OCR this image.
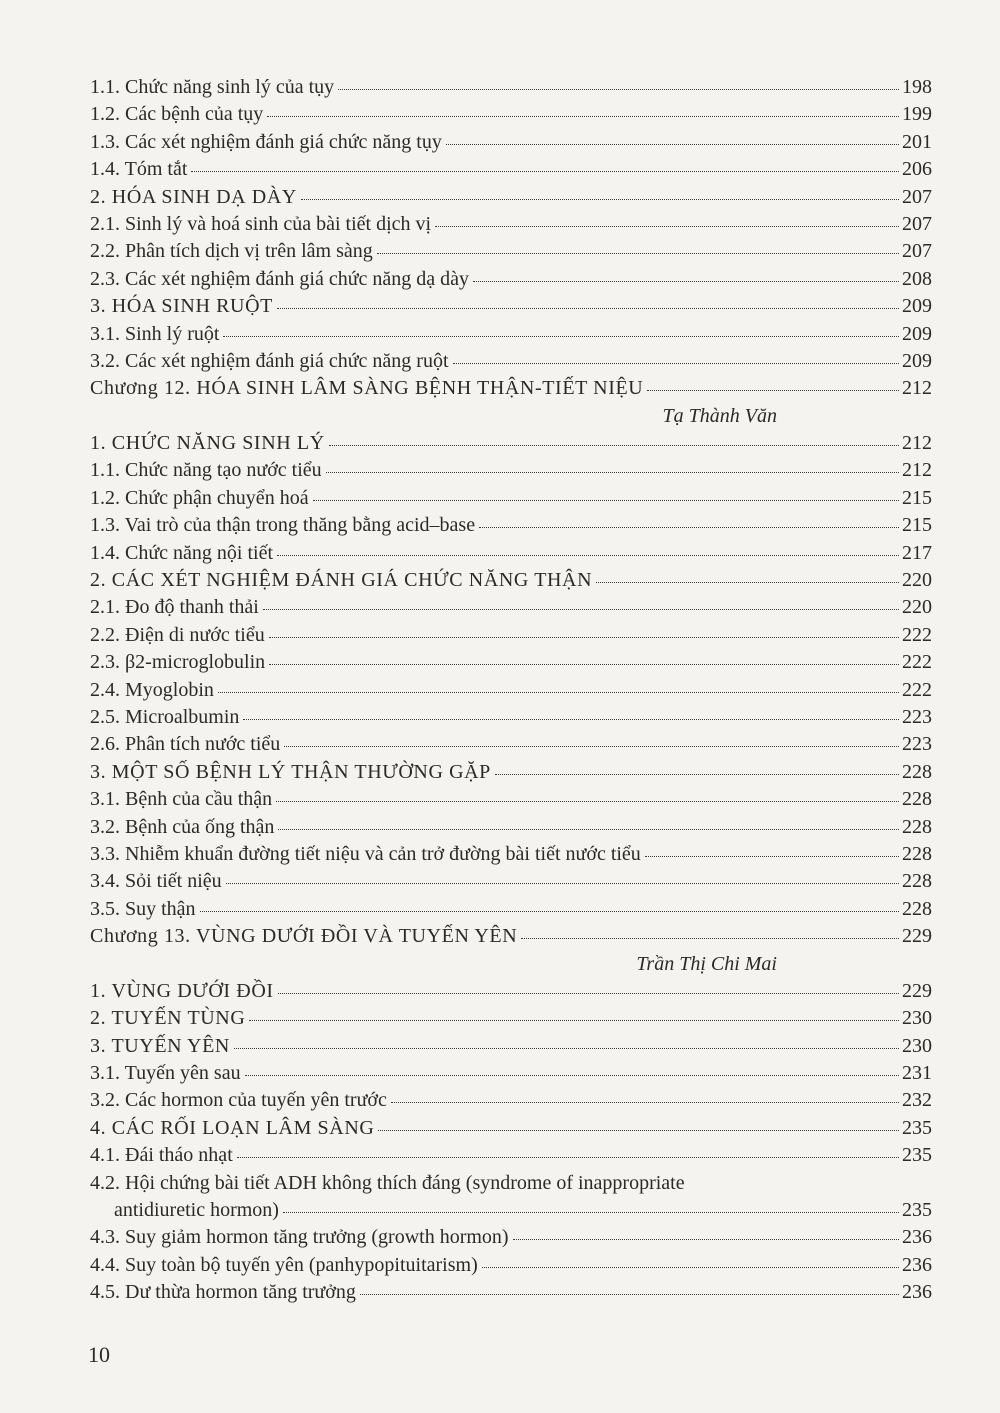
1.1. Chức năng sinh lý của tụy	198
1.2. Các bệnh của tụy	199
1.3. Các xét nghiệm đánh giá chức năng tụy	201
1.4. Tóm tắt	206
2. HÓA SINH DẠ DÀY	207
2.1. Sinh lý và hoá sinh của bài tiết dịch vị	207
2.2. Phân tích dịch vị trên lâm sàng	207
2.3. Các xét nghiệm đánh giá chức năng dạ dày	208
3. HÓA SINH RUỘT	209
3.1. Sinh lý ruột	209
3.2. Các xét nghiệm đánh giá chức năng ruột	209
Chương 12. HÓA SINH LÂM SÀNG BỆNH THẬN-TIẾT NIỆU	212
Tạ Thành Văn
1. CHỨC NĂNG SINH LÝ	212
1.1. Chức năng tạo nước tiểu	212
1.2. Chức phận chuyển hoá	215
1.3. Vai trò của thận trong thăng bằng acid–base	215
1.4. Chức năng nội tiết	217
2. CÁC XÉT NGHIỆM ĐÁNH GIÁ CHỨC NĂNG THẬN	220
2.1. Đo độ thanh thải	220
2.2. Điện di nước tiểu	222
2.3. β2-microglobulin	222
2.4. Myoglobin	222
2.5. Microalbumin	223
2.6. Phân tích nước tiểu	223
3. MỘT SỐ BỆNH LÝ THẬN THƯỜNG GẶP	228
3.1. Bệnh của cầu thận	228
3.2. Bệnh của ống thận	228
3.3. Nhiễm khuẩn đường tiết niệu và cản trở đường bài tiết nước tiểu	228
3.4. Sỏi tiết niệu	228
3.5. Suy thận	228
Chương 13. VÙNG DƯỚI ĐỒI VÀ TUYẾN YÊN	229
Trần Thị Chi Mai
1. VÙNG DƯỚI ĐỒI	229
2. TUYẾN TÙNG	230
3. TUYẾN YÊN	230
3.1. Tuyến yên sau	231
3.2. Các hormon của tuyến yên trước	232
4. CÁC RỐI LOẠN LÂM SÀNG	235
4.1. Đái tháo nhạt	235
4.2. Hội chứng bài tiết ADH không thích đáng (syndrome of inappropriate
antidiuretic hormon)	235
4.3. Suy giảm hormon tăng trưởng (growth hormon)	236
4.4. Suy toàn bộ tuyến yên (panhypopituitarism)	236
4.5. Dư thừa hormon tăng trưởng	236
10
